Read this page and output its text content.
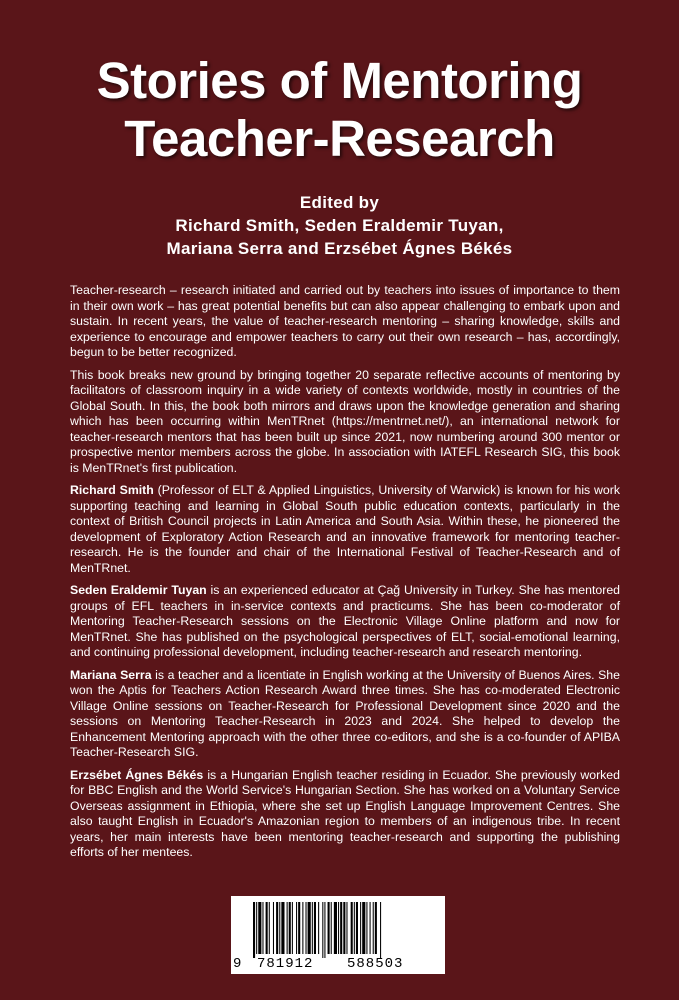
Stories of Mentoring
Teacher-Research
Edited by
Richard Smith, Seden Eraldemir Tuyan,
Mariana Serra and Erzsébet Ágnes Békés

Teacher-research – research initiated and carried out by teachers into issues of importance to them in their own work – has great potential benefits but can also appear challenging to embark upon and sustain. In recent years, the value of teacher-research mentoring – sharing knowledge, skills and experience to encourage and empower teachers to carry out their own research – has, accordingly, begun to be better recognized.

This book breaks new ground by bringing together 20 separate reflective accounts of mentoring by facilitators of classroom inquiry in a wide variety of contexts worldwide, mostly in countries of the Global South. In this, the book both mirrors and draws upon the knowledge generation and sharing which has been occurring within MenTRnet (https://mentrnet.net/), an international network for teacher-research mentors that has been built up since 2021, now numbering around 300 mentor or prospective mentor members across the globe. In association with IATEFL Research SIG, this book is MenTRnet's first publication.

Richard Smith (Professor of ELT & Applied Linguistics, University of Warwick) is known for his work supporting teaching and learning in Global South public education contexts, particularly in the context of British Council projects in Latin America and South Asia. Within these, he pioneered the development of Exploratory Action Research and an innovative framework for mentoring teacher-research. He is the founder and chair of the International Festival of Teacher-Research and of MenTRnet.

Seden Eraldemir Tuyan is an experienced educator at Çağ University in Turkey. She has mentored groups of EFL teachers in in-service contexts and practicums. She has been co-moderator of Mentoring Teacher-Research sessions on the Electronic Village Online platform and now for MenTRnet. She has published on the psychological perspectives of ELT, social-emotional learning, and continuing professional development, including teacher-research and research mentoring.

Mariana Serra is a teacher and a licentiate in English working at the University of Buenos Aires. She won the Aptis for Teachers Action Research Award three times. She has co-moderated Electronic Village Online sessions on Teacher-Research for Professional Development since 2020 and the sessions on Mentoring Teacher-Research in 2023 and 2024. She helped to develop the Enhancement Mentoring approach with the other three co-editors, and she is a co-founder of APIBA Teacher-Research SIG.

Erzsébet Ágnes Békés is a Hungarian English teacher residing in Ecuador. She previously worked for BBC English and the World Service's Hungarian Section. She has worked on a Voluntary Service Overseas assignment in Ethiopia, where she set up English Language Improvement Centres. She also taught English in Ecuador's Amazonian region to members of an indigenous tribe. In recent years, her main interests have been mentoring teacher-research and supporting the publishing efforts of her mentees.

9 781912 588503
